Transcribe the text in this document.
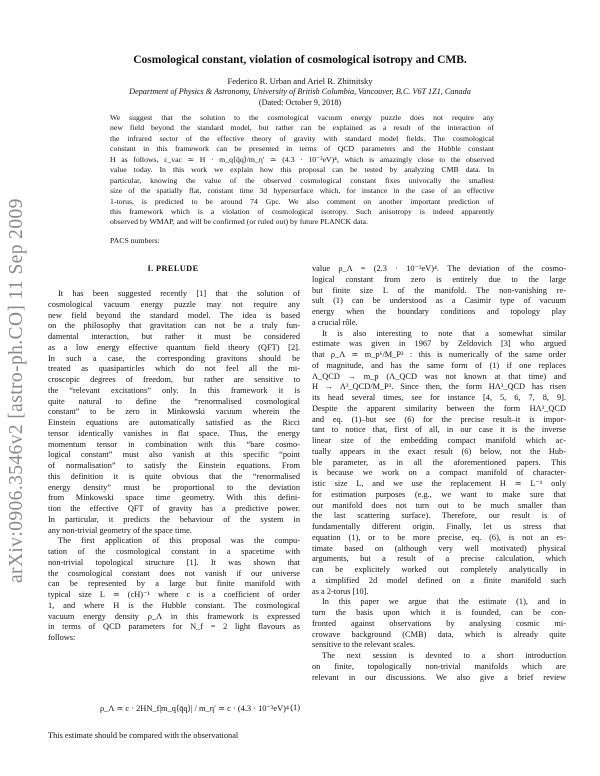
arXiv:0906.3546v2 [astro-ph.CO] 11 Sep 2009
Cosmological constant, violation of cosmological isotropy and CMB.
Federico R. Urban and Ariel R. Zhitnitsky
Department of Physics & Astronomy, University of British Columbia, Vancouver, B.C. V6T 1Z1, Canada
(Dated: October 9, 2018)
We suggest that the solution to the cosmological vacuum energy puzzle does not require any
new field beyond the standard model, but rather can be explained as a result of the interaction of
the infrared sector of the effective theory of gravity with standard model fields. The cosmological
constant in this framework can be presented in terms of QCD parameters and the Hubble constant
H as follows, ε_vac ≃ H · m_q⟨q̄q⟩/m_η′ ≃ (4.3 · 10⁻³eV)⁴, which is amazingly close to the observed
value today. In this work we explain how this proposal can be tested by analyzing CMB data. In
particular, knowing the value of the observed cosmological constant fixes univocally the smallest
size of the spatially flat, constant time 3d hypersurface which, for instance in the case of an effective
1-torus, is predicted to be around 74 Gpc. We also comment on another important prediction of
this framework which is a violation of cosmological isotropy. Such anisotropy is indeed apparently
observed by WMAP, and will be confirmed (or ruled out) by future PLANCK data.
PACS numbers:
I. PRELUDE
It has been suggested recently [1] that the solution of
cosmological vacuum energy puzzle may not require any
new field beyond the standard model. The idea is based
on the philosophy that gravitation can not be a truly fun-
damental interaction, but rather it must be considered
as a low energy effective quantum field theory (QFT) [2].
In such a case, the corresponding gravitons should be
treated as quasiparticles which do not feel all the mi-
croscopic degrees of freedom, but rather are sensitive to
the “relevant excitations” only. In this framework it is
quite natural to define the “renormalised cosmological
constant” to be zero in Minkowski vacuum wherein the
Einstein equations are automatically satisfied as the Ricci
tensor identically vanishes in flat space. Thus, the energy
momentum tensor in combination with this “bare cosmo-
logical constant” must also vanish at this specific “point
of normalisation” to satisfy the Einstein equations. From
this definition it is quite obvious that the “renormalised
energy density” must be proportional to the deviation
from Minkowski space time geometry. With this defini-
tion the effective QFT of gravity has a predictive power.
In particular, it predicts the behaviour of the system in
any non-trivial geometry of the space time.
The first application of this proposal was the compu-
tation of the cosmological constant in a spacetime with
non-trivial topological structure [1]. It was shown that
the cosmological constant does not vanish if our universe
can be represented by a large but finite manifold with
typical size L ≃ (cH)⁻¹ where c is a coefficient of order
1, and where H is the Hubble constant. The cosmological
vacuum energy density ρ_Λ in this framework is expressed
in terms of QCD parameters for N_f = 2 light flavours as
follows:
ρ_Λ ≃ c · 2HN_f|m_q⟨q̄q⟩| / m_η′ ≃ c · (4.3 · 10⁻³eV)⁴ .
(1)
This estimate should be compared with the observational
value ρ_Λ = (2.3 · 10⁻³eV)⁴. The deviation of the cosmo-
logical constant from zero is entirely due to the large
but finite size L of the manifold. The non-vanishing re-
sult (1) can be understood as a Casimir type of vacuum
energy when the boundary conditions and topology play
a crucial rôle.
It is also interesting to note that a somewhat similar
estimate was given in 1967 by Zeldovich [3] who argued
that ρ_Λ ≃ m_p⁶/M_P² : this is numerically of the same order
of magnitude, and has the same form of (1) if one replaces
Λ_QCD → m_p (Λ_QCD was not known at that time) and
H → Λ³_QCD/M_P². Since then, the form HΛ³_QCD has risen
its head several times, see for instance [4, 5, 6, 7, 8, 9].
Despite the apparent similarity between the form HΛ³_QCD
and eq. (1)–but see (6) for the precise result–it is impor-
tant to notice that, first of all, in our case it is the inverse
linear size of the embedding compact manifold which ac-
tually appears in the exact result (6) below, not the Hub-
ble parameter, as in all the aforementioned papers. This
is because we work on a compact manifold of character-
istic size L, and we use the replacement H ≃ L⁻¹ only
for estimation purposes (e.g., we want to make sure that
our manifold does not turn out to be much smaller than
the last scattering surface). Therefore, our result is of
fundamentally different origin. Finally, let us stress that
equation (1), or to be more precise, eq. (6), is not an es-
timate based on (although very well motivated) physical
arguments, but a result of a precise calculation, which
can be explicitely worked out completely analytically in
a simplified 2d model defined on a finite manifold such
as a 2-torus [10].
In this paper we argue that the estimate (1), and in
turn the basis upon which it is founded, can be con-
fronted against observations by analysing cosmic mi-
crowave background (CMB) data, which is already quite
sensitive to the relevant scales.
The next session is devoted to a short introduction
on finite, topologically non-trivial manifolds which are
relevant in our discussions. We also give a brief review
